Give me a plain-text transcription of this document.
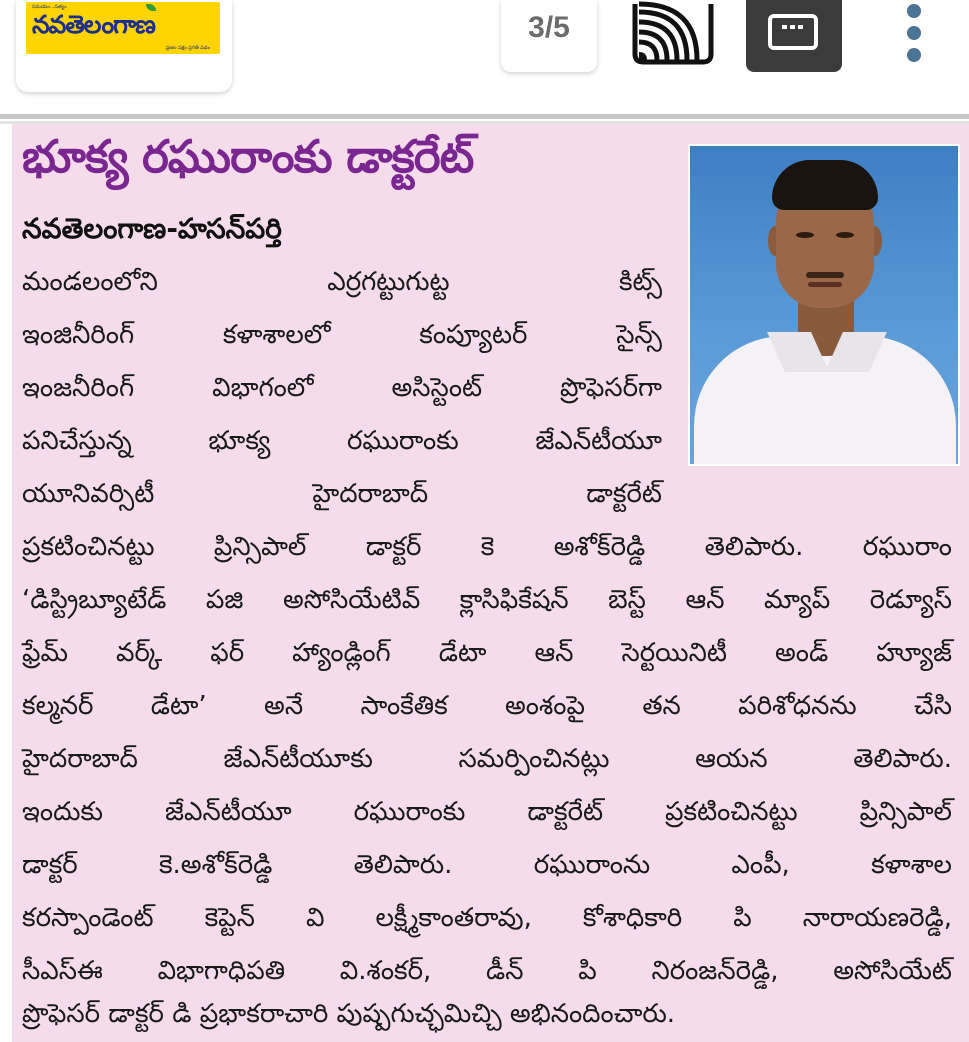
సమయం...సత్యం
నవతెలంగాణ
ప్రజల పక్షం ప్రగతి పథం
3/5
భూక్య రఘురాంకు డాక్టరేట్
నవతెలంగాణ-హసన్‌పర్తి
మండలంలోని ఎర్రగట్టుగుట్ట కిట్స్
ఇంజినీరింగ్ కళాశాలలో కంప్యూటర్ సైన్స్
ఇంజనీరింగ్ విభాగంలో అసిస్టెంట్ ప్రొఫెసర్‌గా
పనిచేస్తున్న భూక్య రఘురాంకు జేఎన్‌టీయూ
యూనివర్సిటీ హైదరాబాద్ డాక్టరేట్
ప్రకటించినట్టు ప్రిన్సిపాల్ డాక్టర్ కె అశోక్‌రెడ్డి తెలిపారు. రఘురాం
‘డిస్ట్రిబ్యూటేడ్ పజి అసోసియేటివ్ క్లాసిఫికేషన్ బెస్ట్ ఆన్ మ్యాప్ రెడ్యూస్
ఫ్రేమ్ వర్క్ ఫర్ హ్యాండ్లింగ్ డేటా ఆన్ సెర్టయినిటీ అండ్ హ్యూజ్
కల్మనర్ డేటా’ అనే సాంకేతిక అంశంపై తన పరిశోధనను చేసి
హైదరాబాద్ జేఎన్‌టీయూకు సమర్పించినట్లు ఆయన తెలిపారు.
ఇందుకు జేఎన్‌టీయూ రఘురాంకు డాక్టరేట్ ప్రకటించినట్టు ప్రిన్సిపాల్
డాక్టర్ కె.అశోక్‌రెడ్డి తెలిపారు. రఘురాంను ఎంపీ, కళాశాల
కరస్పాండెంట్ కెప్టెన్ వి లక్ష్మీకాంతరావు, కోశాధికారి పి నారాయణరెడ్డి,
సీఎస్‌ఈ విభాగాధిపతి వి.శంకర్, డీన్ పి నిరంజన్‌రెడ్డి, అసోసియేట్
ప్రొఫెసర్ డాక్టర్ డి ప్రభాకరాచారి పుష్పగుచ్ఛమిచ్చి అభినందించారు.
